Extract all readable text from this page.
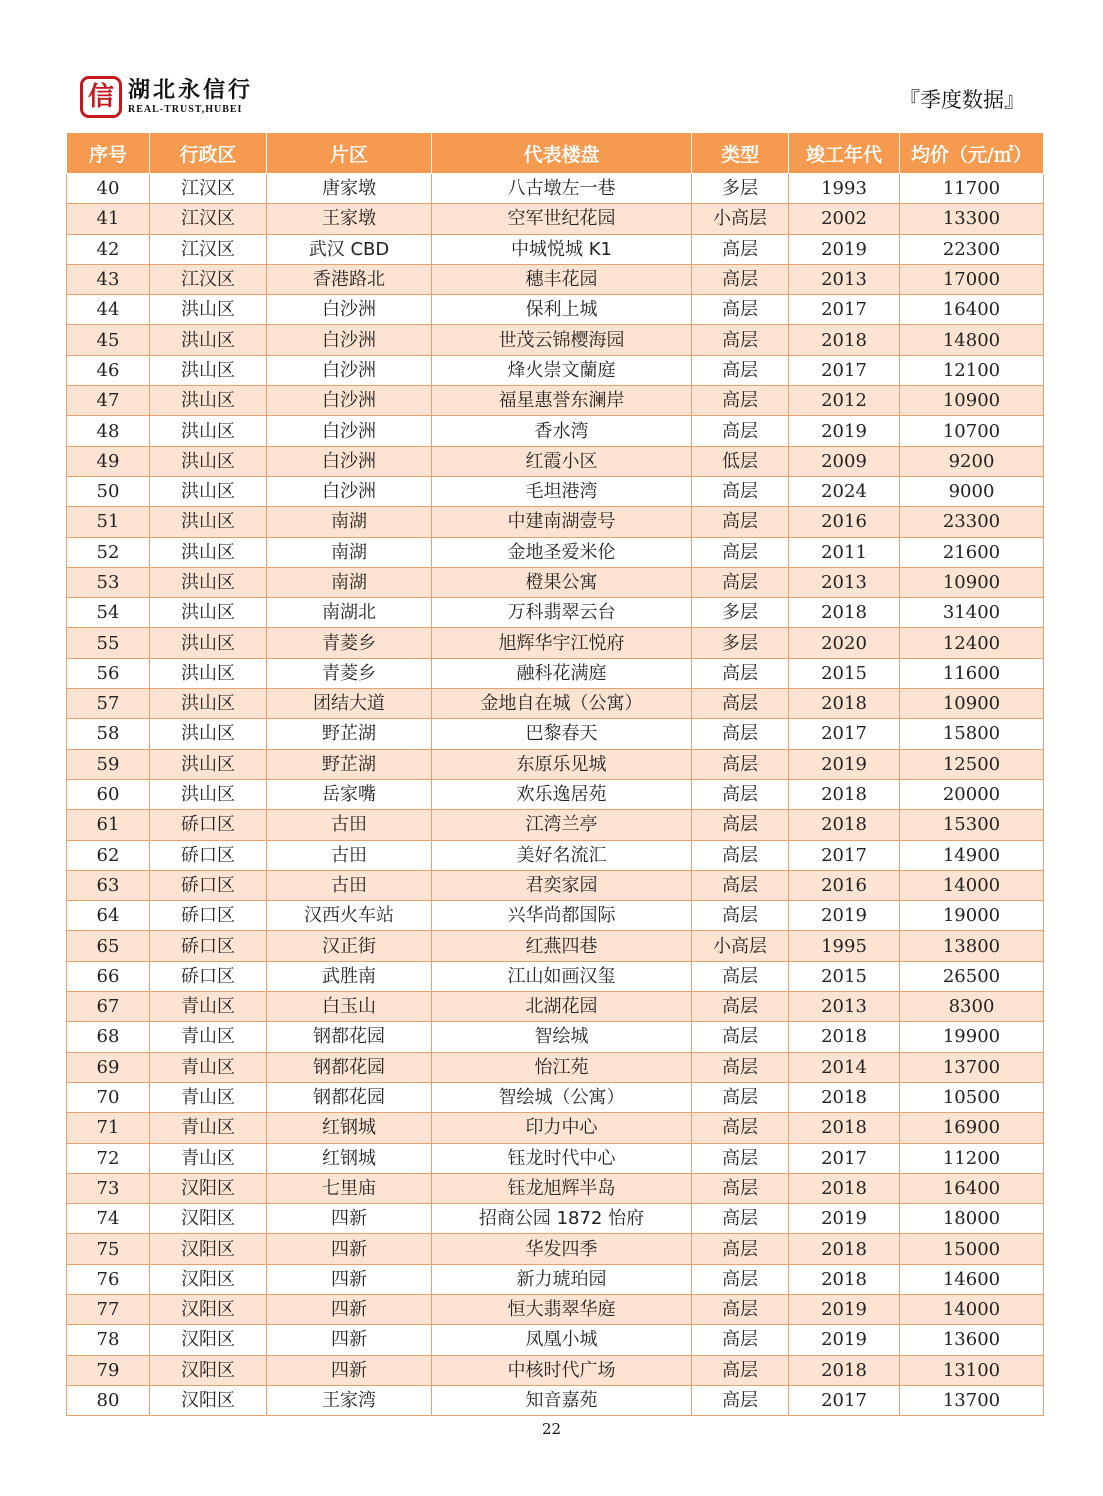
信 湖北永信行
REAL-TRUST,HUBEI	『季度数据』
序号	行政区	片区	代表楼盘	类型	竣工年代	均价（元/㎡）
40	江汉区	唐家墩	八古墩左一巷	多层	1993	11700
41	江汉区	王家墩	空军世纪花园	小高层	2002	13300
42	江汉区	武汉 CBD	中城悦城 K1	高层	2019	22300
43	江汉区	香港路北	穗丰花园	高层	2013	17000
44	洪山区	白沙洲	保利上城	高层	2017	16400
45	洪山区	白沙洲	世茂云锦樱海园	高层	2018	14800
46	洪山区	白沙洲	烽火崇文蘭庭	高层	2017	12100
47	洪山区	白沙洲	福星惠誉东澜岸	高层	2012	10900
48	洪山区	白沙洲	香水湾	高层	2019	10700
49	洪山区	白沙洲	红霞小区	低层	2009	9200
50	洪山区	白沙洲	毛坦港湾	高层	2024	9000
51	洪山区	南湖	中建南湖壹号	高层	2016	23300
52	洪山区	南湖	金地圣爱米伦	高层	2011	21600
53	洪山区	南湖	橙果公寓	高层	2013	10900
54	洪山区	南湖北	万科翡翠云台	多层	2018	31400
55	洪山区	青菱乡	旭辉华宇江悦府	多层	2020	12400
56	洪山区	青菱乡	融科花满庭	高层	2015	11600
57	洪山区	团结大道	金地自在城（公寓）	高层	2018	10900
58	洪山区	野芷湖	巴黎春天	高层	2017	15800
59	洪山区	野芷湖	东原乐见城	高层	2019	12500
60	洪山区	岳家嘴	欢乐逸居苑	高层	2018	20000
61	硚口区	古田	江湾兰亭	高层	2018	15300
62	硚口区	古田	美好名流汇	高层	2017	14900
63	硚口区	古田	君奕家园	高层	2016	14000
64	硚口区	汉西火车站	兴华尚都国际	高层	2019	19000
65	硚口区	汉正街	红燕四巷	小高层	1995	13800
66	硚口区	武胜南	江山如画汉玺	高层	2015	26500
67	青山区	白玉山	北湖花园	高层	2013	8300
68	青山区	钢都花园	智绘城	高层	2018	19900
69	青山区	钢都花园	怡江苑	高层	2014	13700
70	青山区	钢都花园	智绘城（公寓）	高层	2018	10500
71	青山区	红钢城	印力中心	高层	2018	16900
72	青山区	红钢城	钰龙时代中心	高层	2017	11200
73	汉阳区	七里庙	钰龙旭辉半岛	高层	2018	16400
74	汉阳区	四新	招商公园 1872 怡府	高层	2019	18000
75	汉阳区	四新	华发四季	高层	2018	15000
76	汉阳区	四新	新力琥珀园	高层	2018	14600
77	汉阳区	四新	恒大翡翠华庭	高层	2019	14000
78	汉阳区	四新	凤凰小城	高层	2019	13600
79	汉阳区	四新	中核时代广场	高层	2018	13100
80	汉阳区	王家湾	知音嘉苑	高层	2017	13700
22
